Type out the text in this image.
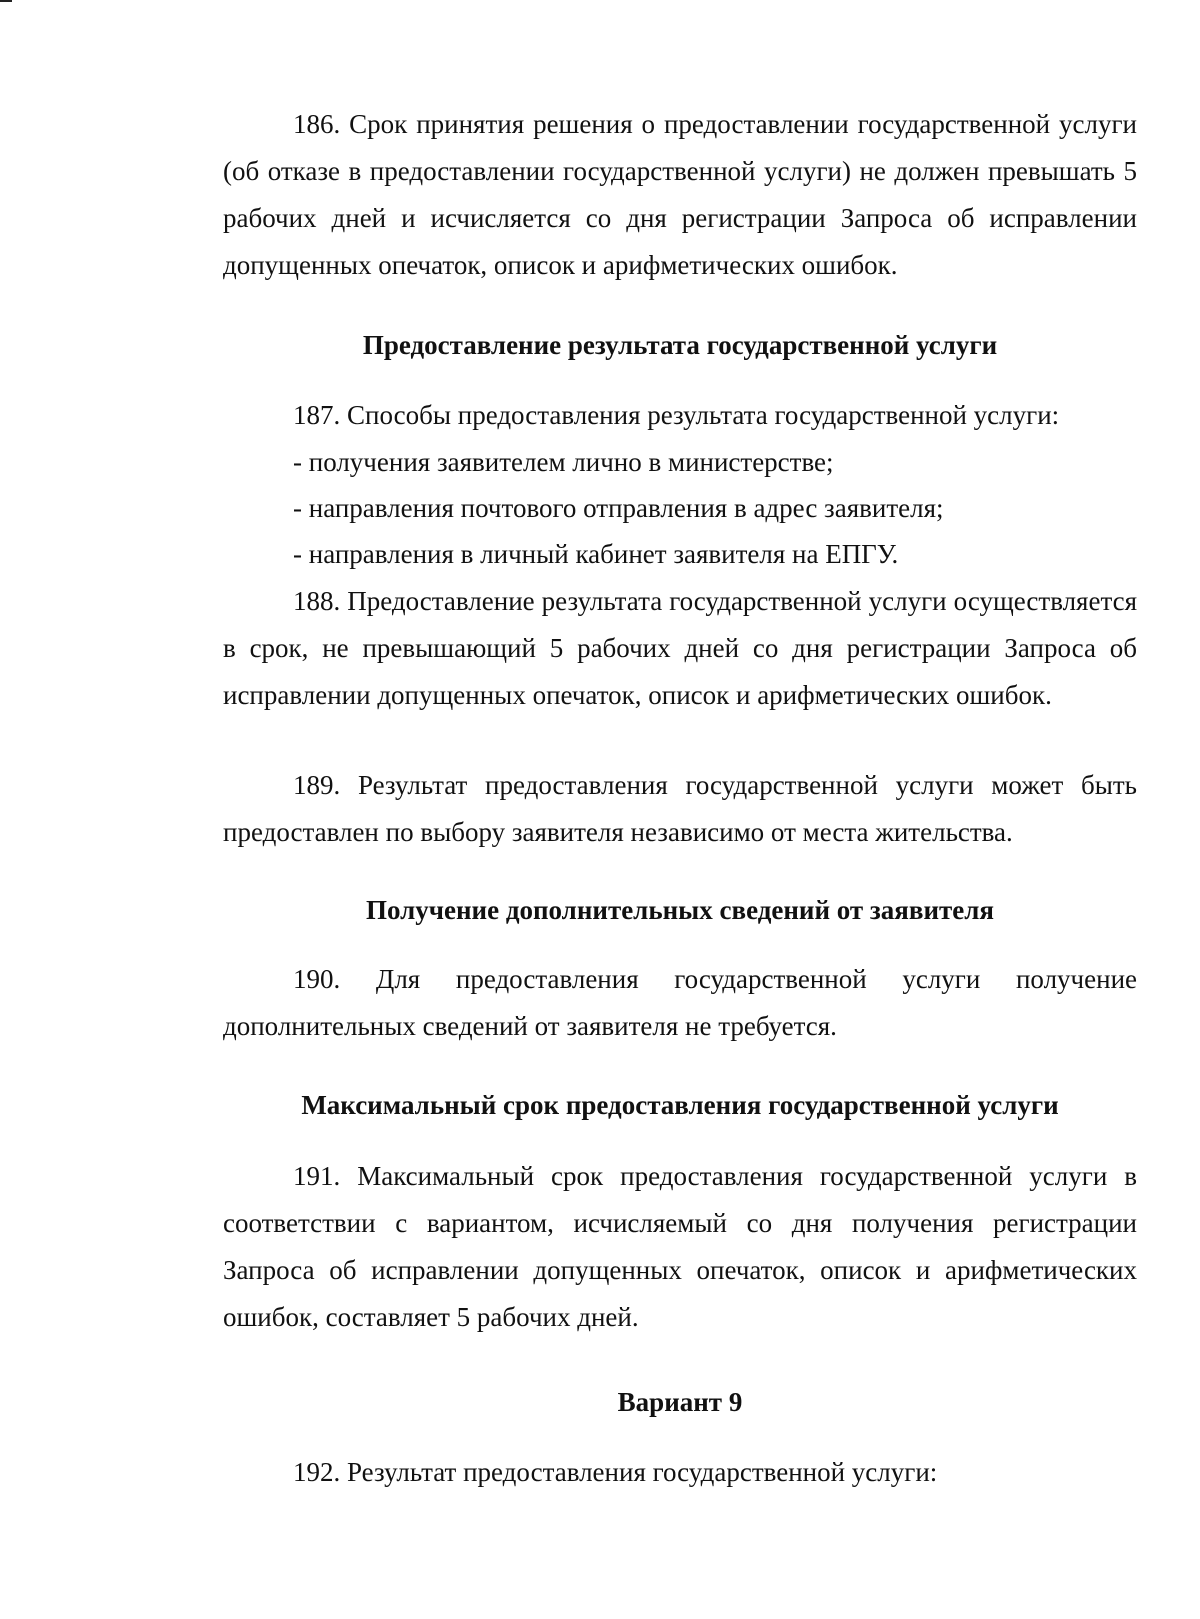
186. Срок принятия решения о предоставлении государственной услуги (об отказе в предоставлении государственной услуги) не должен превышать 5 рабочих дней и исчисляется со дня регистрации Запроса об исправлении допущенных опечаток, описок и арифметических ошибок.

Предоставление результата государственной услуги

187. Способы предоставления результата государственной услуги:

- получения заявителем лично в министерстве;

- направления почтового отправления в адрес заявителя;

- направления в личный кабинет заявителя на ЕПГУ.

188. Предоставление результата государственной услуги осуществляется в срок, не превышающий 5 рабочих дней со дня регистрации Запроса об исправлении допущенных опечаток, описок и арифметических ошибок.

189. Результат предоставления государственной услуги может быть предоставлен по выбору заявителя независимо от места жительства.

Получение дополнительных сведений от заявителя

190. Для предоставления государственной услуги получение дополнительных сведений от заявителя не требуется.

Максимальный срок предоставления государственной услуги

191. Максимальный срок предоставления государственной услуги в соответствии с вариантом, исчисляемый со дня получения регистрации Запроса об исправлении допущенных опечаток, описок и арифметических ошибок, составляет 5 рабочих дней.

Вариант 9

192. Результат предоставления государственной услуги:
